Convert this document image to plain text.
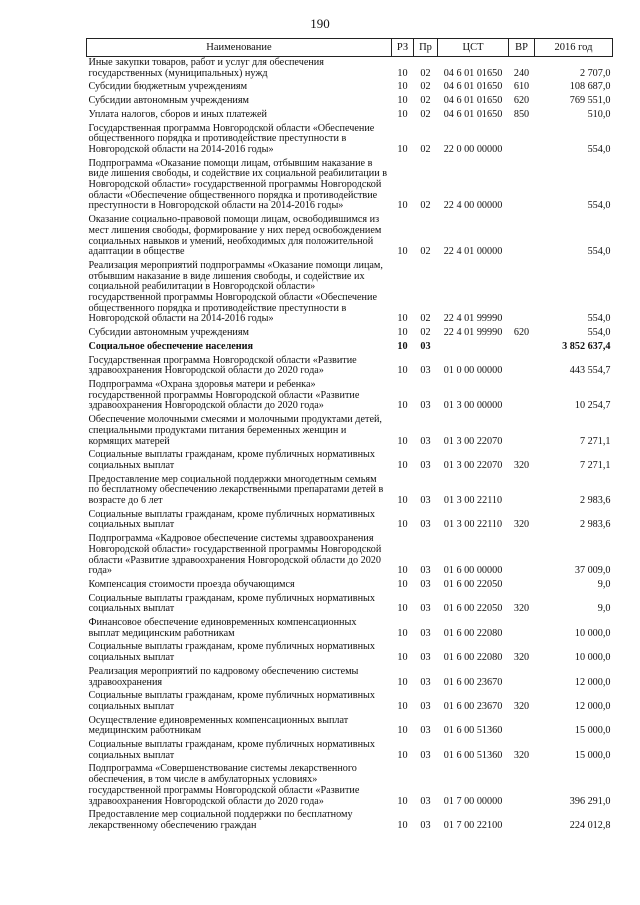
190
Наименование	РЗ	Пр	ЦСТ	ВР	2016 год
Иные закупки товаров, работ и услуг для обеспечения государственных (муниципальных) нужд	10	02	04 6 01 01650	240	2 707,0
Субсидии бюджетным учреждениям	10	02	04 6 01 01650	610	108 687,0
Субсидии автономным учреждениям	10	02	04 6 01 01650	620	769 551,0
Уплата налогов, сборов и иных платежей	10	02	04 6 01 01650	850	510,0
Государственная программа Новгородской области «Обеспечение общественного порядка и противодействие преступности в Новгородской области на 2014-2016 годы»	10	02	22 0 00 00000		554,0
Подпрограмма «Оказание помощи лицам, отбывшим наказание в виде лишения свободы, и содействие их социальной реабилитации в Новгородской области» государственной программы Новгородской области «Обеспечение общественного порядка и противодействие преступности в Новгородской области на 2014-2016 годы»	10	02	22 4 00 00000		554,0
Оказание социально-правовой помощи лицам, освободившимся из мест лишения свободы, формирование у них перед освобождением социальных навыков и умений, необходимых для положительной адаптации в обществе	10	02	22 4 01 00000		554,0
Реализация мероприятий подпрограммы «Оказание помощи лицам, отбывшим наказание в виде лишения свободы, и содействие их социальной реабилитации в Новгородской области» государственной программы Новгородской области «Обеспечение общественного порядка и противодействие преступности в Новгородской области на 2014-2016 годы»	10	02	22 4 01 99990		554,0
Субсидии автономным учреждениям	10	02	22 4 01 99990	620	554,0
Социальное обеспечение населения	10	03			3 852 637,4
Государственная программа Новгородской области «Развитие здравоохранения Новгородской области до 2020 года»	10	03	01 0 00 00000		443 554,7
Подпрограмма «Охрана здоровья матери и ребенка» государственной программы Новгородской области «Развитие здравоохранения Новгородской области до 2020 года»	10	03	01 3 00 00000		10 254,7
Обеспечение молочными смесями и молочными продуктами детей, специальными продуктами питания беременных женщин и кормящих матерей	10	03	01 3 00 22070		7 271,1
Социальные выплаты гражданам, кроме публичных нормативных социальных выплат	10	03	01 3 00 22070	320	7 271,1
Предоставление мер социальной поддержки многодетным семьям по бесплатному обеспечению лекарственными препаратами детей в возрасте до 6 лет	10	03	01 3 00 22110		2 983,6
Социальные выплаты гражданам, кроме публичных нормативных социальных выплат	10	03	01 3 00 22110	320	2 983,6
Подпрограмма «Кадровое обеспечение системы здравоохранения Новгородской области» государственной программы Новгородской области «Развитие здравоохранения Новгородской области до 2020 года»	10	03	01 6 00 00000		37 009,0
Компенсация стоимости проезда обучающимся	10	03	01 6 00 22050		9,0
Социальные выплаты гражданам, кроме публичных нормативных социальных выплат	10	03	01 6 00 22050	320	9,0
Финансовое обеспечение единовременных компенсационных выплат медицинским работникам	10	03	01 6 00 22080		10 000,0
Социальные выплаты гражданам, кроме публичных нормативных социальных выплат	10	03	01 6 00 22080	320	10 000,0
Реализация мероприятий по кадровому обеспечению системы здравоохранения	10	03	01 6 00 23670		12 000,0
Социальные выплаты гражданам, кроме публичных нормативных социальных выплат	10	03	01 6 00 23670	320	12 000,0
Осуществление единовременных компенсационных выплат медицинским работникам	10	03	01 6 00 51360		15 000,0
Социальные выплаты гражданам, кроме публичных нормативных социальных выплат	10	03	01 6 00 51360	320	15 000,0
Подпрограмма «Совершенствование системы лекарственного обеспечения, в том числе в амбулаторных условиях» государственной программы Новгородской области «Развитие здравоохранения Новгородской области до 2020 года»	10	03	01 7 00 00000		396 291,0
Предоставление мер социальной поддержки по бесплатному лекарственному обеспечению граждан	10	03	01 7 00 22100		224 012,8
